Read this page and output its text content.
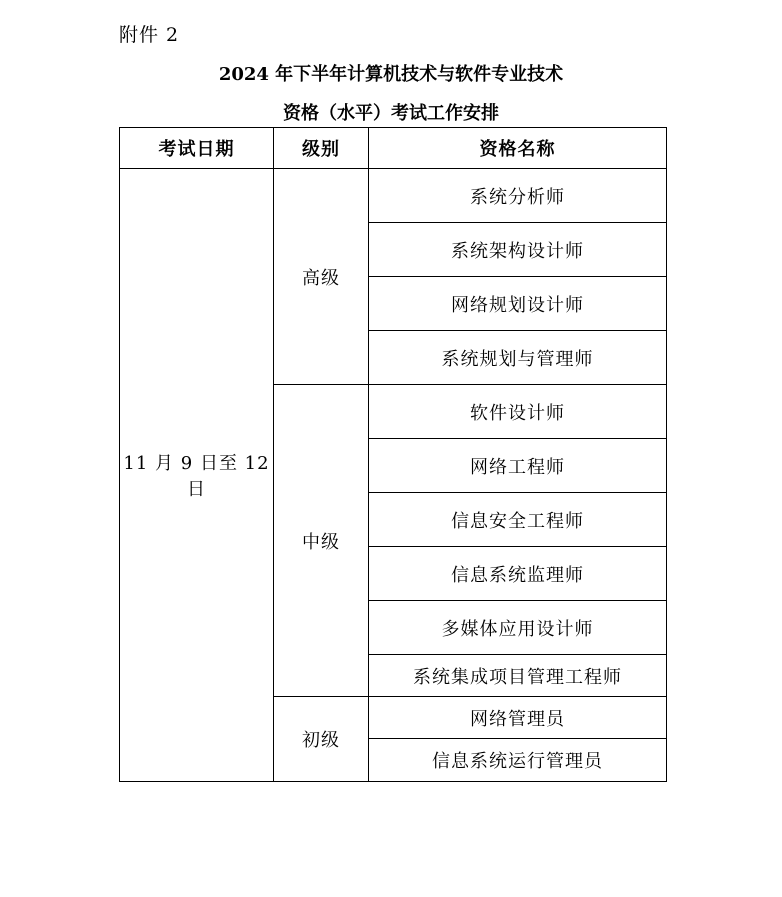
附件 2
2024 年下半年计算机技术与软件专业技术
资格（水平）考试工作安排
考试日期	级别	资格名称
11 月 9 日至 12 日	高级	系统分析师
		系统架构设计师
		网络规划设计师
		系统规划与管理师
	中级	软件设计师
		网络工程师
		信息安全工程师
		信息系统监理师
		多媒体应用设计师
		系统集成项目管理工程师
	初级	网络管理员
		信息系统运行管理员
